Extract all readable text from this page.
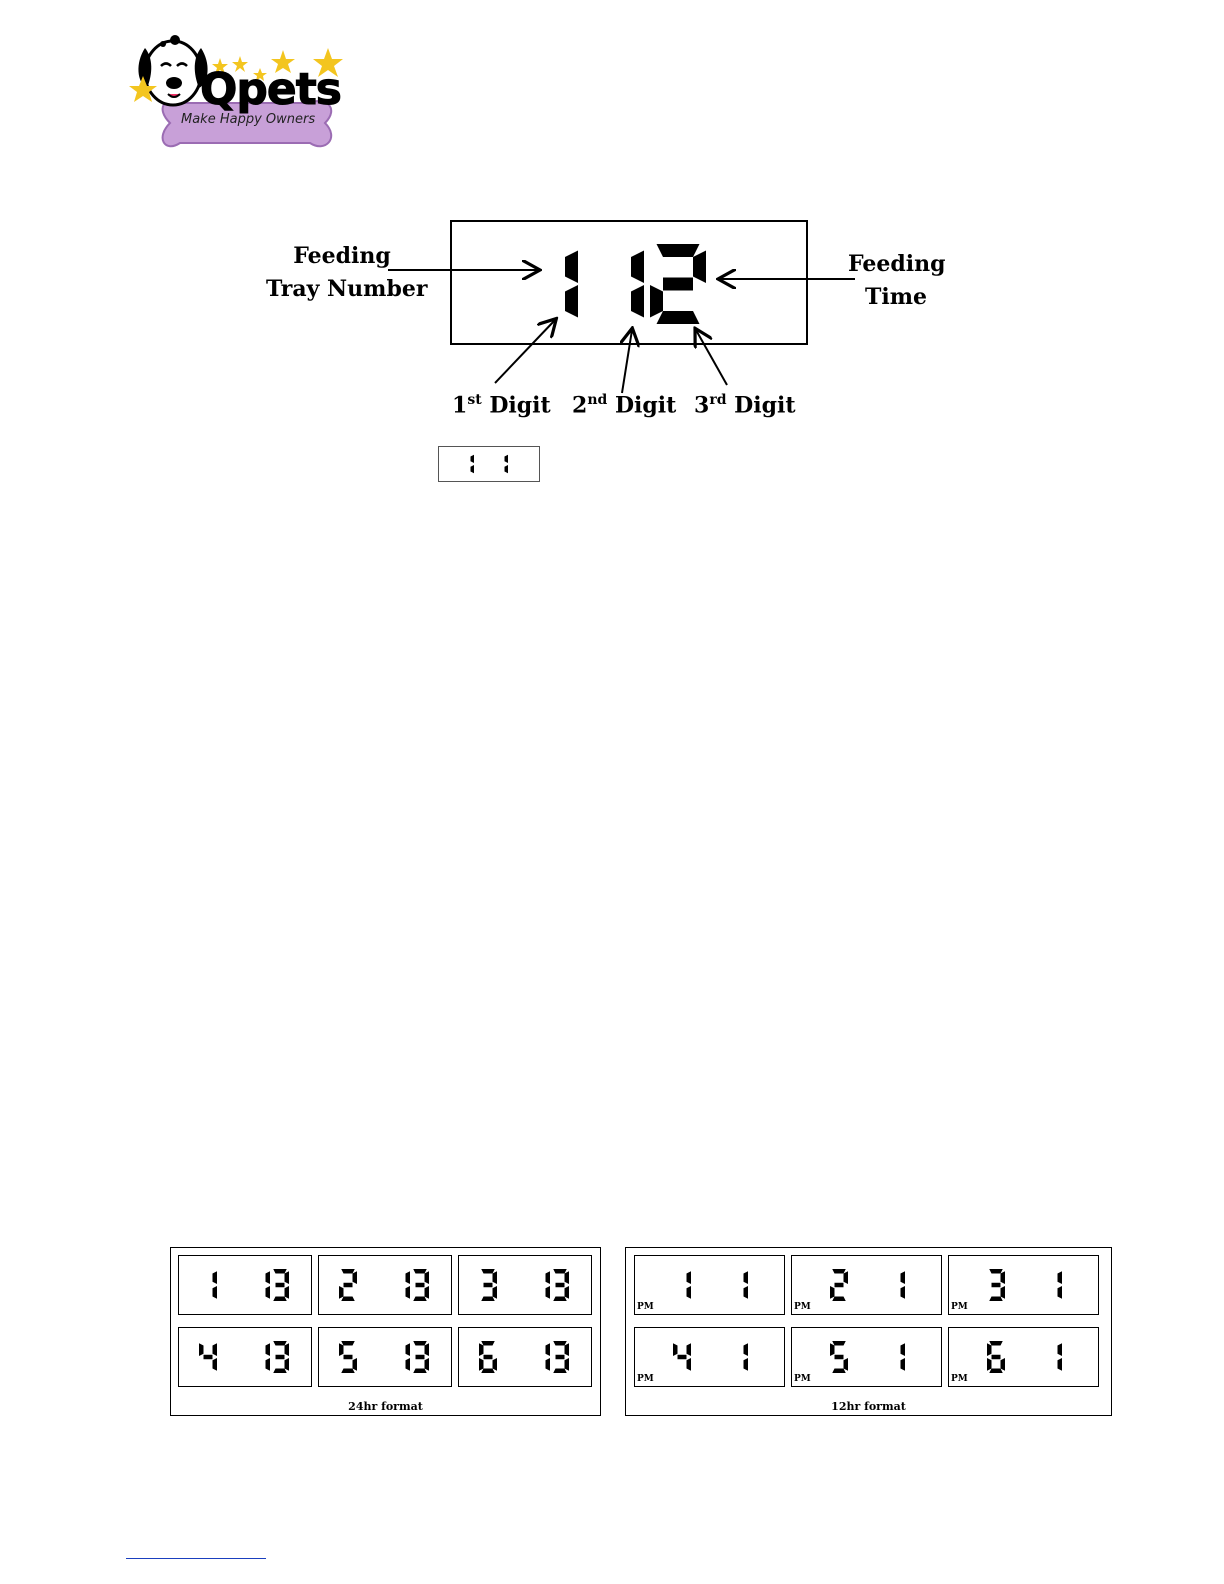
Qpets
Make Happy Owners
Feeding
Tray Number
Feeding
Time
1st Digit 2nd Digit 3rd Digit
24hr format	12hr format
PM	PM	PM
PM	PM	PM
